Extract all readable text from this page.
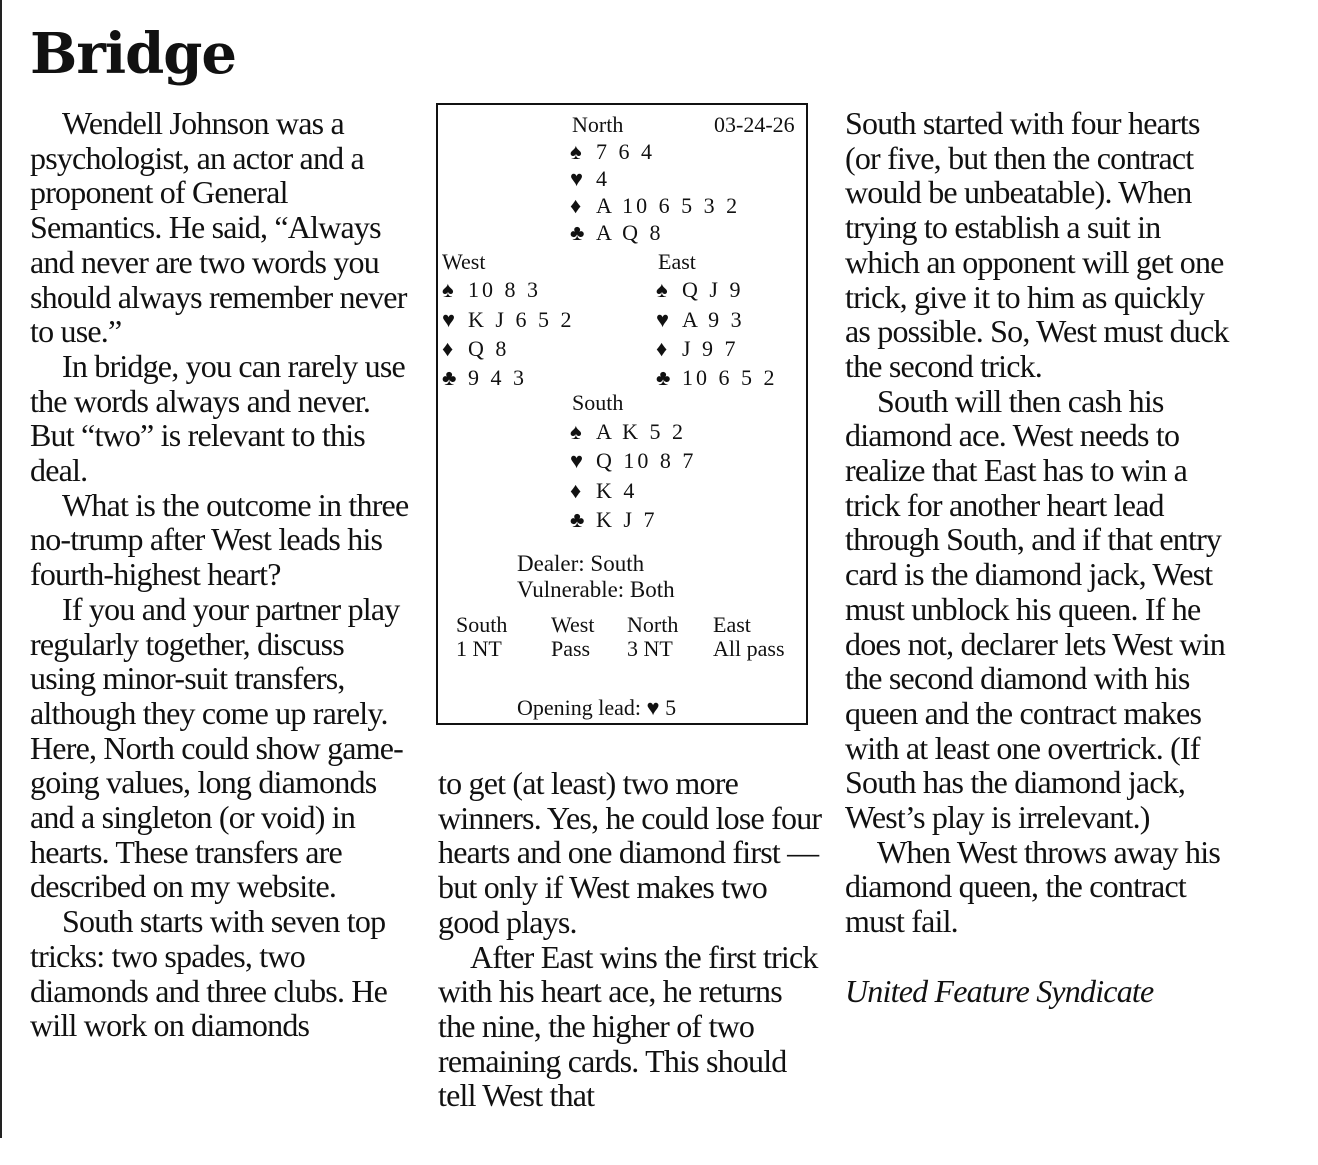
Bridge

Wendell Johnson was a psychologist, an actor and a proponent of General Semantics. He said, “Always and never are two words you should always remember never to use.”

In bridge, you can rarely use the words always and never. But “two” is relevant to this deal.

What is the outcome in three no-trump after West leads his fourth-highest heart?

If you and your partner play regularly together, discuss using minor-suit transfers, although they come up rarely. Here, North could show game-going values, long diamonds and a singleton (or void) in hearts. These transfers are described on my website.

South starts with seven top tricks: two spades, two diamonds and three clubs. He will work on diamonds

North	03-24-26
♠ 7 6 4
♥ 4
♦ A 10 6 5 3 2
♣ A Q 8
West
♠ 10 8 3
♥ K J 6 5 2
♦ Q 8
♣ 9 4 3
East
♠ Q J 9
♥ A 9 3
♦ J 9 7
♣ 10 6 5 2
South
♠ A K 5 2
♥ Q 10 8 7
♦ K 4
♣ K J 7
Dealer: South
Vulnerable: Both
South
1 NT
West
Pass
North
3 NT
East
All pass
Opening lead: ♥ 5

to get (at least) two more winners. Yes, he could lose four hearts and one diamond first — but only if West makes two good plays.

After East wins the first trick with his heart ace, he returns the nine, the higher of two remaining cards. This should tell West that

South started with four hearts (or five, but then the contract would be unbeatable). When trying to establish a suit in which an opponent will get one trick, give it to him as quickly as possible. So, West must duck the second trick.

South will then cash his diamond ace. West needs to realize that East has to win a trick for another heart lead through South, and if that entry card is the diamond jack, West must unblock his queen. If he does not, declarer lets West win the second diamond with his queen and the contract makes with at least one overtrick. (If South has the diamond jack, West’s play is irrelevant.)

When West throws away his diamond queen, the contract must fail.

United Feature Syndicate
